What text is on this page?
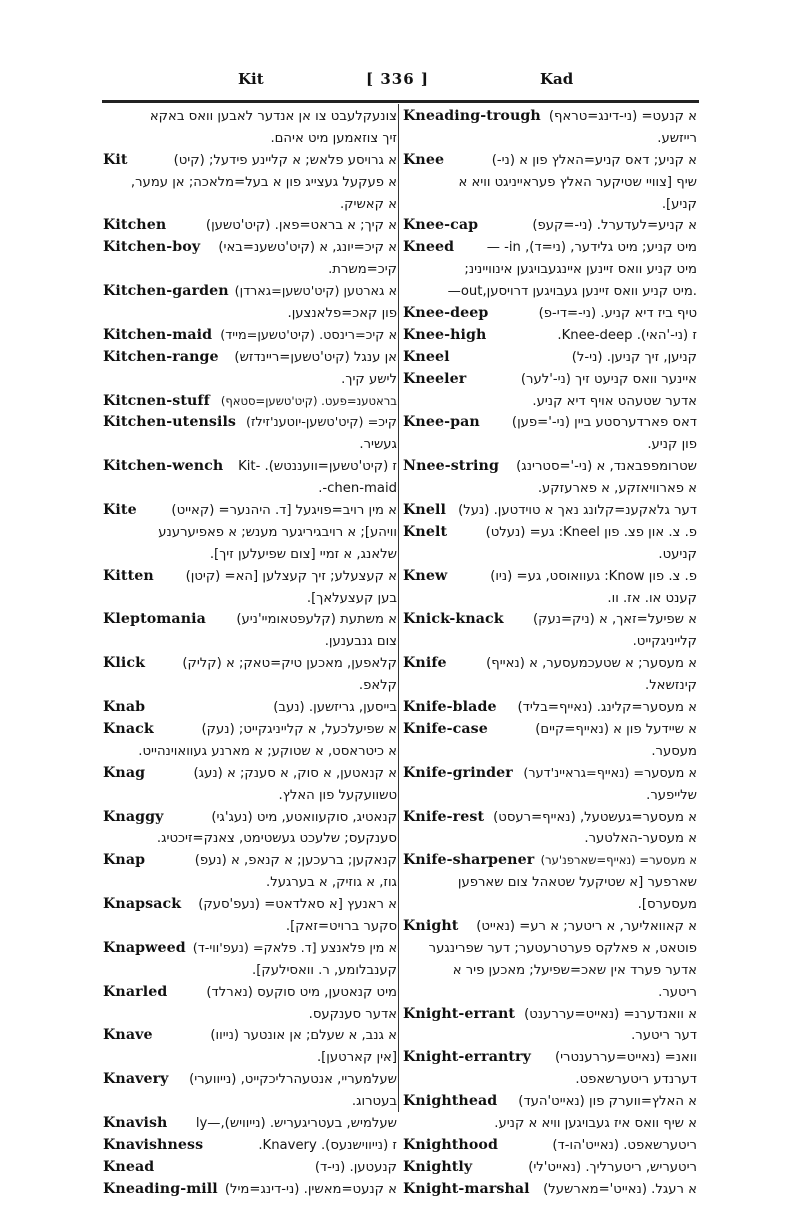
Kit	[ 336 ]	Kad
צונעקלעבט צו אן אנדער לאבען וואס באקא
זיך צוזאמען מיט איהם.
Kit	א גרויסע פלאש; א קליינע פידעל; (קיט)
א פעקעל געצייג פון א בעל=מלאכה; אן עמער,
א קאשיק.
Kitchen	א קיך; א בראט=פאן. (קיט'טשען)
Kitchen-boy	א קיכ=יונג, א (קיט'טשענ=באי)
קיכ=משרת.
Kitchen-garden	א גארטען (קיט'טשען=גארדן)
פון קאכ=פלאנצען.
Kitchen-maid	א קיכ=רינסט. (קיט'טשען=מייד)
Kitchen-range	אן ענגל (קיט'טשען=ריינדזש)
לישע קיך.
Kitcnen-stuff	בראטענ=פעט. (קיט'טשען=סטאף)
Kitchen-utensils	קיכ= (קיט'טשען-יוטענ'זילז)
געשיר.
Kitchen-wench Kit- .ז (קיט'טשען=וועננטש)
.-chen-maid
Kite	א מין רויב=פויגעל [ד. היהנער= (קאייט)
וויהע]; א רויבגיריגער מענש; א פאפיערענע
שלאנג, א זמיי [צום שפיעלען זיך].
Kitten	א קעצעלע; זיך קעצלען [הא= (קיטן)
בען קעצעלאך].
Kleptomania	א משתעת (קלעפטאומיי'ניע)
צום גנבענען.
Klick	קלאפען, מאכען טיק=טאק; א (קליק)
קלאפ.
Knab	בייסען, גריזשען. (נעב)
Knack	א שפיעלכעל, א קלייניגקייט; (נעק)
א כיטראסט, א שטוקע; א מארנע געוואוינהייט.
Knag	א קנאטען, א סוק, א סענק; א (נעג)
טשוועקעל פון האלץ.
Knaggy	קנאטיג, סוקעוואטע, מיט (נעג'גי)
סענקעס; שלעכט געשטימט, צאנק=זיכטיג.
Knap	קנאקען; ברעכען; א קנאפ, א (נעפ)
גוז, א גוזיק, א בערגעל.
Knapsack	א ראנעץ [א סאלדאט= (נעפ'סעק)
סקער ברויט=זאק].
Knapweed	א מין פלאנצע [ד. פלאק= (נעפ'ווי-ד)
קענבלומע, ר. וואסילעק].
Knarled	מיט קנאטען, מיט סוקעס (נארלד)
אדער סענקעס.
Knave	א גנב, א שעלם; אן אונטער (נייוו)
[אין קארטען].
Knavery	שעלמעריי, אנטעהרליכקייט, (נייווערי)
בעטרוג.
Knavish	שעלמיש, בעטריגעריש. (נייוויש),—ly
Knavishness	.Knavery .ז (נייווישנעס)
Knead	קנעטען. (ני-ד)
Kneading-mill	א קנעט=מאשין. (ני-דינג=מיל)
Kneading-trough	א קנעט= (ני-דינג=טראף)
רייזשע.
Knee	א קניע; דאס קניע=האלץ פון א (ני-)
שיף [צוויי שטיקער האלץ פעראייניגט וויא א
קניע].
Knee-cap	א קניע=לעדערל. (ני-=קעפ)
Kneed	מיט קניע; מיט גלידער, (ני=ד), in- —
מיט קניע וואס זיינען איינגעבויגען אינוויינינ;
—out,מיט קניע וואס זיינען געבויגען דרויסען.
Knee-deep	טיף ביז דיא קניע. (ני-=די-פ)
Knee-high	.Knee-deep .ז (ני-'האי)
Kneel	קניען, זיך קניען. (ני-ל)
Kneeler	איינער וואס קניעט זיך (ני-'לער)
אדער שטעהט אויף דיא קניע.
Knee-pan	דאס פארדערסטע ביין (ני-'=פען)
פון קניע.
Nnee-string	שטרומפפבאנד, א (ני-'=סטרינג)
א פארוויאזקע, א פארעזקע.
Knell	דער גלאקענ=קלונג נאך א טוידטען. (נעל)
Knelt	פ. צ. און פצ. פון Kneel: גע= (נעלט)
קניעט.
Knew	פ. צ. פון Know: געוואוסט, גע= (ניו)
קענט או. אז. וו.
Knick-knack	א שפיעל=זאך, א (ניק=נעק)
קלייניגקייט.
Knife	א מעסער; א שטעכמעסער, א (נאייף)
קינזשאל.
Knife-blade	א מעסער=קלינג. (נאייף=בליד)
Knife-case	א שיידעל פון א (נאייף=קיים)
מעסער.
Knife-grinder	א מעסער= (נאייף=גראיינ'דער)
שלייפער.
Knife-rest	א מעסער=געשטעל, (נאייף=רעסט)
א מעסער-האלטער.
Knife-sharpener	א מעסער= (נאייף=שארפנ'ער)
שארפער [א שטיקעל שטאהל צום שארפען
מעסערס].
Knight	א קאוואליער, א ריטער; א רע= (נאייט)
פוטאט, א פאלקס פערטרעטער; דער שפרינגער
אדער פערד אין שאכ=שפיעל; מאכען פיר א
ריטער.
Knight-errant	א וואנדערנ= (נאייט=עררענט)
דער ריטער.
Knight-errantry	וואנ= (נאייט=עררענטרי)
דערנדע ריטערשאפט.
Knighthead	א האלץ=ווערק פון (נאייט'העד)
א שיף וואס איז געבויגען וויא א קניע.
Knighthood	ריטערשאפט. (נאייט'הו-ד)
Knightly	ריטעריש, ריטערליך. (נאייט'לי)
Knight-marshal	א רעגל. (נאייט'=מארשעל)
